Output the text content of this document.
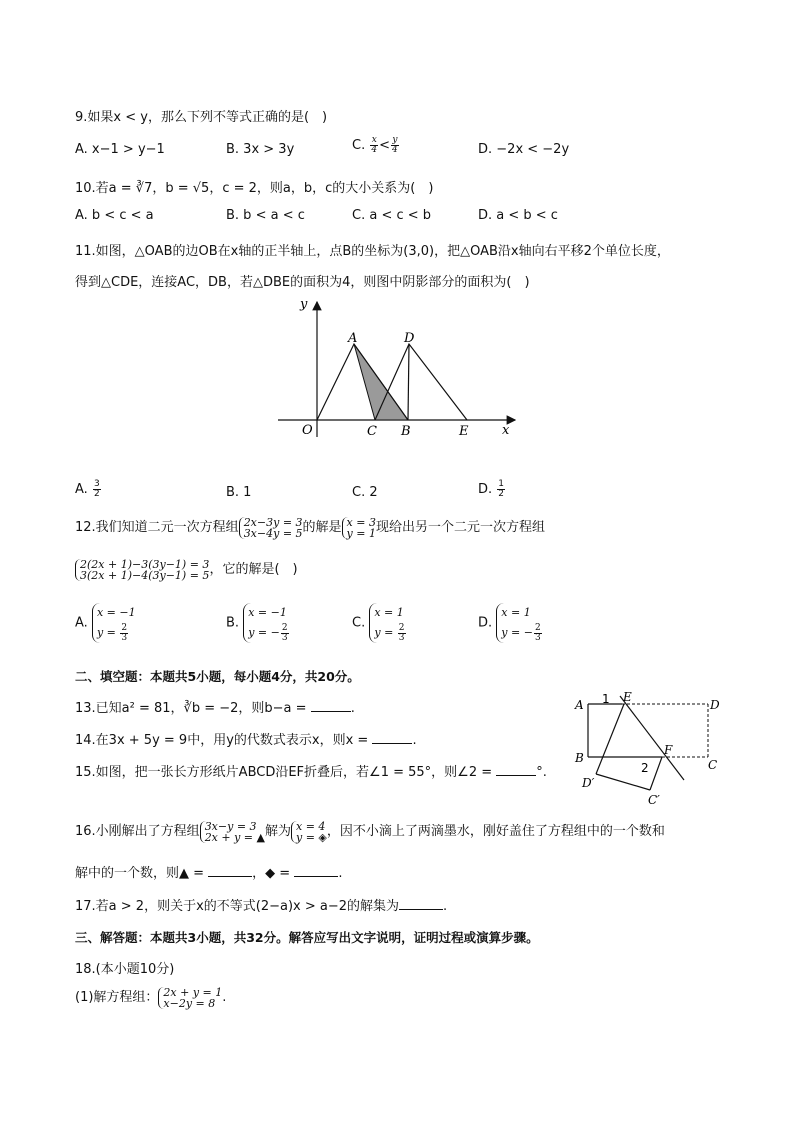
9.如果x < y，那么下列不等式正确的是(　)
A. x−1 > y−1	B. 3x > 3y	C. $\frac{x}{4} < \frac{y}{4}$	D. −2x < −2y
10.若a = ∛7，b = √5，c = 2，则a，b，c的大小关系为(　)
A. b < c < a	B. b < a < c	C. a < c < b	D. a < b < c
11.如图，△OAB的边OB在x轴的正半轴上，点B的坐标为(3,0)，把△OAB沿x轴向右平移2个单位长度，
得到△CDE，连接AC，DB，若△DBE的面积为4，则图中阴影部分的面积为(　)
y
x
O
A	D
C B	E
A. $\frac{3}{2}$	B. 1	C. 2	D. $\frac{1}{2}$
12.我们知道二元一次方程组 2x−3y = 3
3x−4y = 5的解是 x = 3
y = 1现给出另一个二元一次方程组
2(2x + 1)−3(3y−1) = 3
3(2x + 1)−4(3y−1) = 5，它的解是(　)
A. x = −1
$y = \frac{2}{3}$
B. x = −1
y = − $\frac{2}{3}$
C. x = 1
$y = \frac{2}{3}$
D. x = 1
y = − $\frac{2}{3}$
二、填空题：本题共5小题，每小题4分，共20分。
13.已知a² = 81，∛b = −2，则b−a =	.
14.在3x + 5y = 9中，用y的代数式表示x，则x =	.
15.如图，把一张长方形纸片ABCD沿EF折叠后，若∠1 = 55°，则∠2 =	°.
A 1 E
D
B
F
C
2
D′
C′
16.小刚解出了方程组 3x−y = 3
2x + y = ▲解为 x = 4
y = ◈，因不小滴上了两滴墨水，刚好盖住了方程组中的一个数和
解中的一个数，则▲ =	，◆ =	.
17.若a > 2，则关于x的不等式(2−a)x > a−2的解集为	.
三、解答题：本题共3小题，共32分。解答应写出文字说明，证明过程或演算步骤。
18.(本小题10分)
(1)解方程组： 2x + y = 1
x−2y = 8 .
